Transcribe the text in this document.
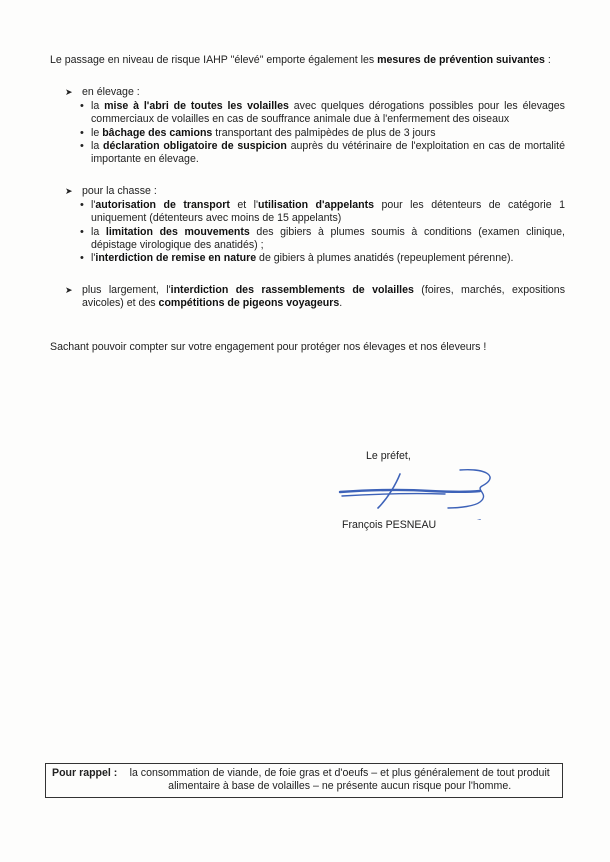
Le passage en niveau de risque IAHP "élevé" emporte également les mesures de prévention suivantes :

➤ en élevage :
• la mise à l'abri de toutes les volailles avec quelques dérogations possibles pour les élevages commerciaux de volailles en cas de souffrance animale due à l'enfermement des oiseaux
• le bâchage des camions transportant des palmipèdes de plus de 3 jours
• la déclaration obligatoire de suspicion auprès du vétérinaire de l'exploitation en cas de mortalité importante en élevage.
➤ pour la chasse :
• l'autorisation de transport et l'utilisation d'appelants pour les détenteurs de catégorie 1 uniquement (détenteurs avec moins de 15 appelants)
• la limitation des mouvements des gibiers à plumes soumis à conditions (examen clinique, dépistage virologique des anatidés) ;
• l'interdiction de remise en nature de gibiers à plumes anatidés (repeuplement pérenne).
➤ plus largement, l'interdiction des rassemblements de volailles (foires, marchés, expositions avicoles) et des compétitions de pigeons voyageurs.

Sachant pouvoir compter sur votre engagement pour protéger nos élevages et nos éleveurs !

Le préfet,
François PESNEAU
Pour rappel :	la consommation de viande, de foie gras et d'oeufs – et plus généralement de tout produit alimentaire à base de volailles – ne présente aucun risque pour l'homme.
